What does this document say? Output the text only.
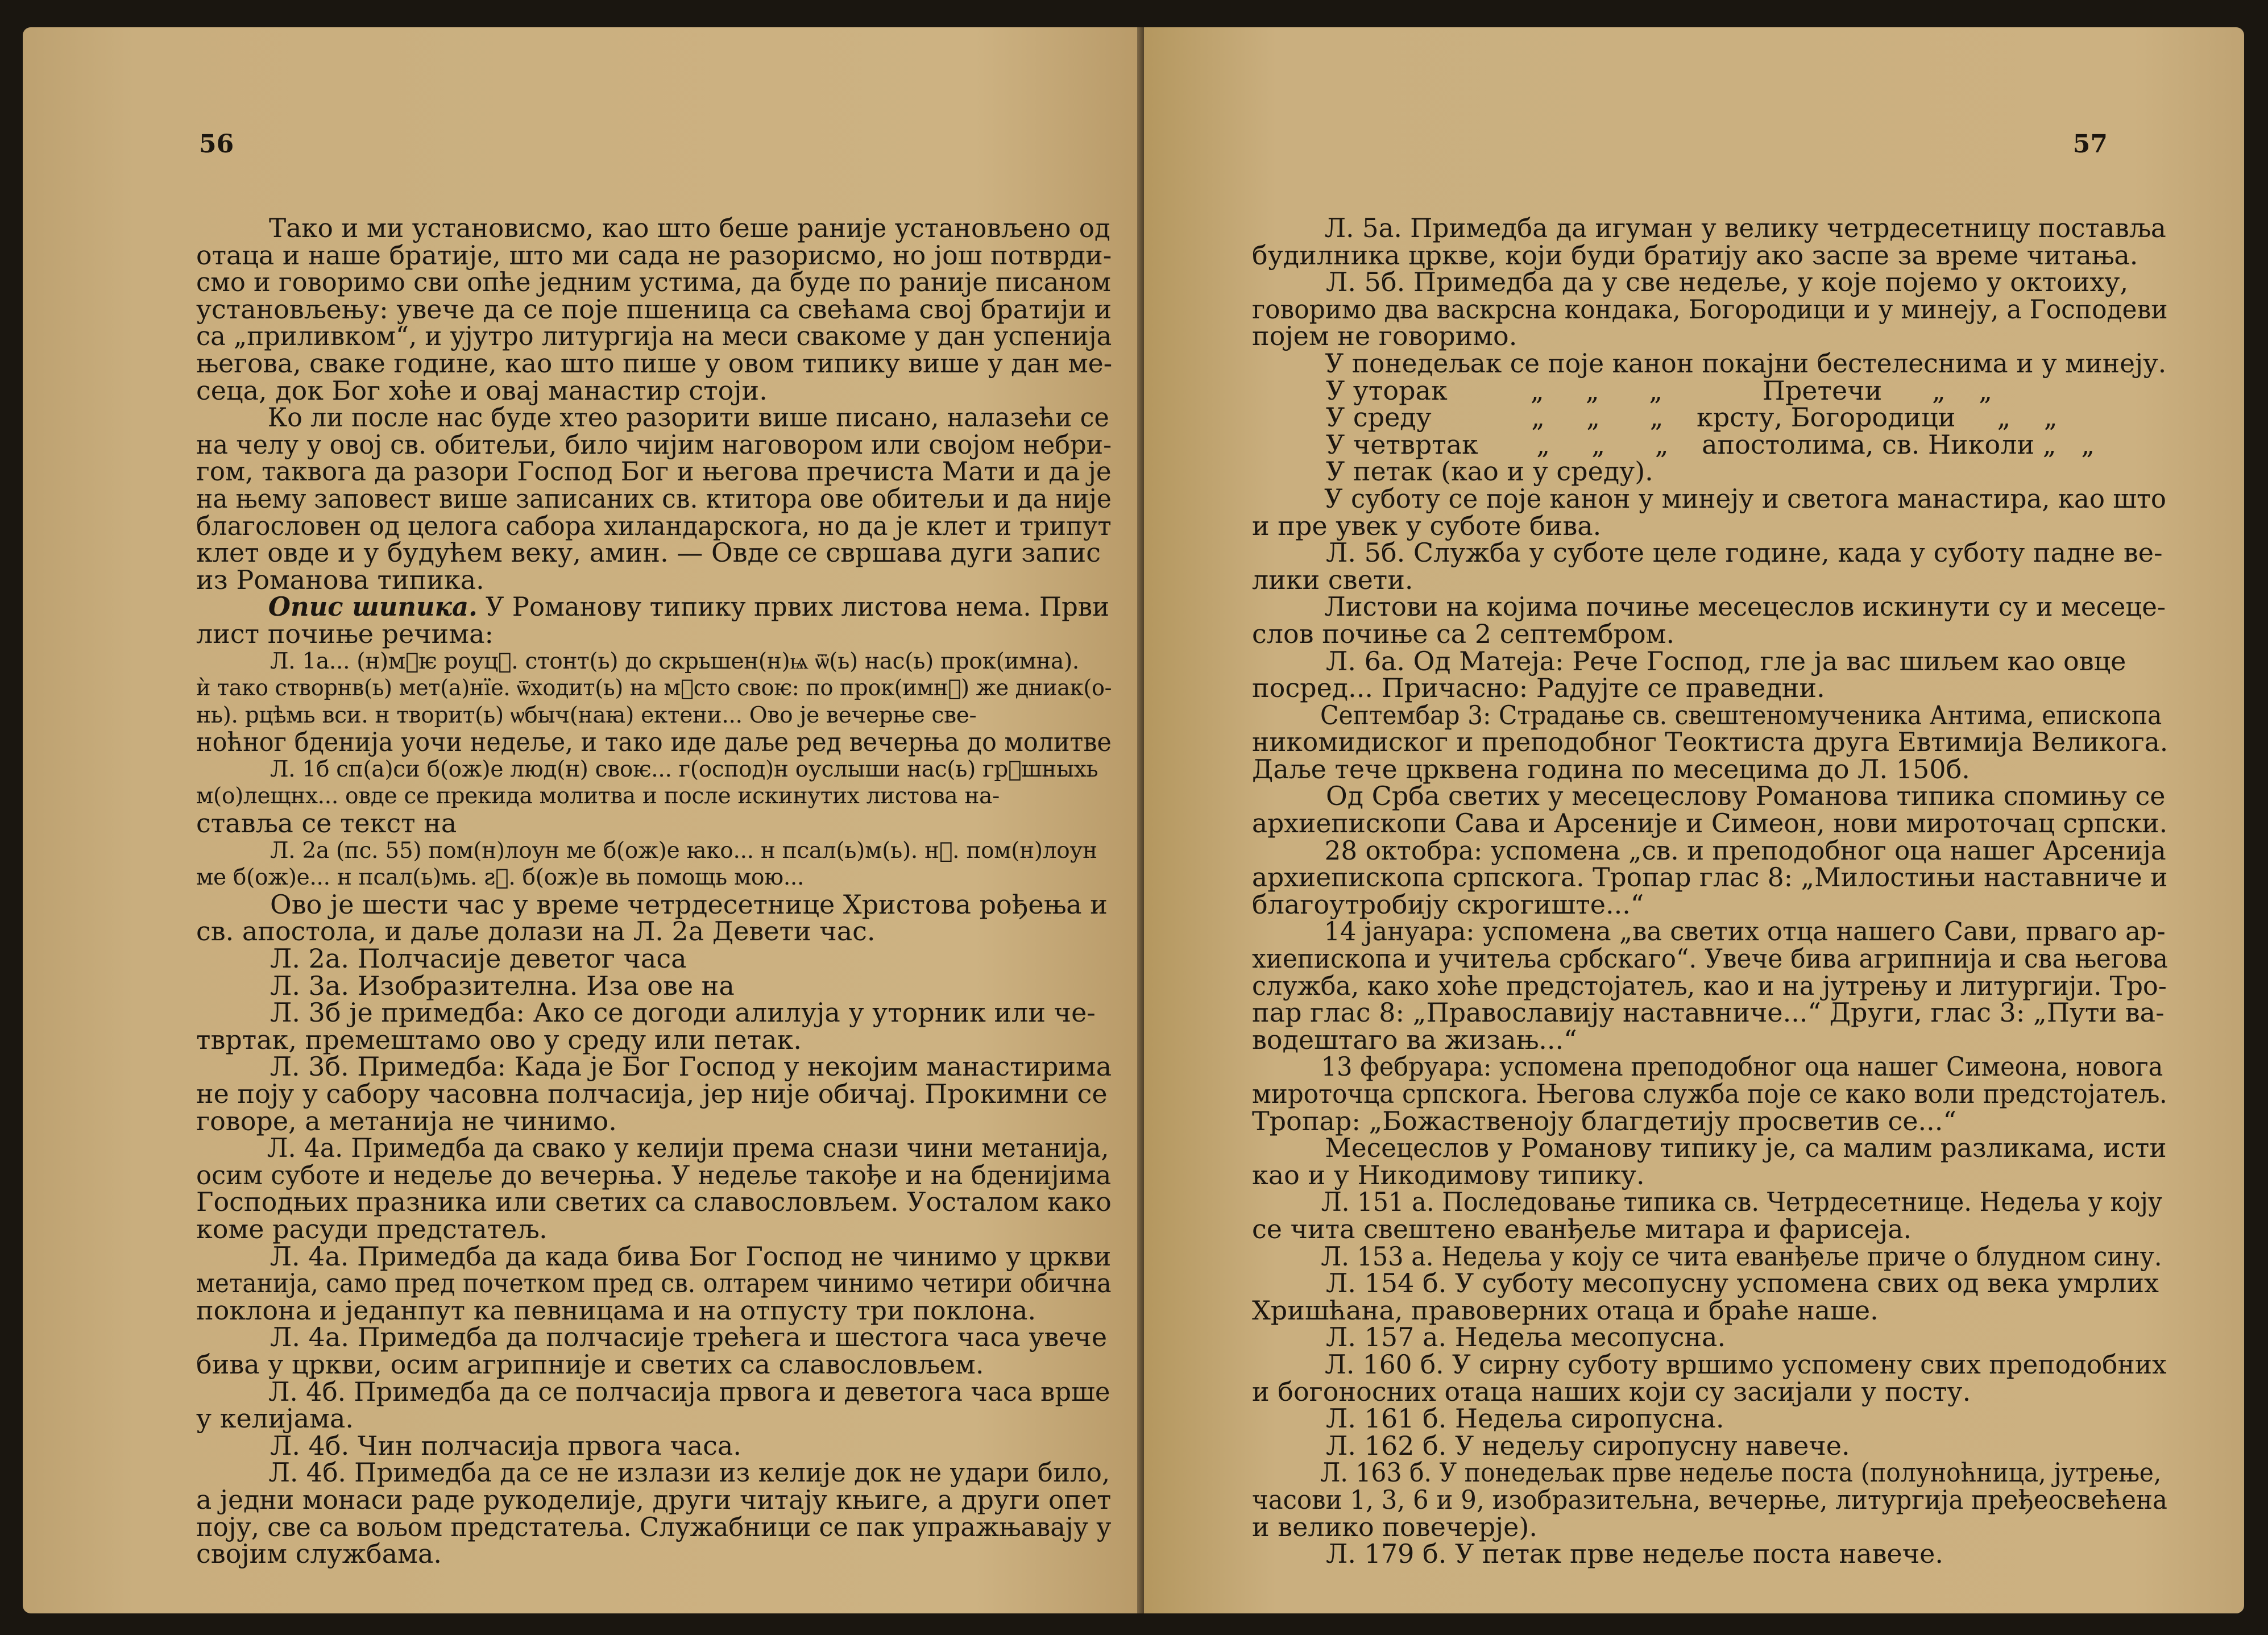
56
Тако и ми установисмо, као што беше раније установљено од
отаца и наше братије, што ми сада не разорисмо, но још потврди-
смо и говоримо сви опће једним устима, да буде по раније писаном
установљењу: увече да се поје пшеница са свећама свој братији и
са „приливком“, и ујутро литургија на меси свакоме у дан успенија
његова, сваке године, као што пише у овом типику више у дан ме-
сеца, док Бог хоће и овај манастир стоји.
Ко ли после нас буде хтео разорити више писано, налазећи се
на челу у овој св. обитељи, било чијим наговором или својом небри-
гом, таквога да разори Господ Бог и његова пречиста Мати и да је
на њему заповест више записаних св. ктитора ове обитељи и да није
благословен од целога сабора хиландарскога, но да је клет и трипут
клет овде и у будућем веку, амин. — Овде се свршава дуги запис
из Романова типика.
Опис шипика. У Романову типику првих листова нема. Први
лист почиње речима:
Л. 1а... (н)м꙽ѥ роуц꙽. стонт(ь) до скрьшен(н)ѩ ѿ(ь) нас(ь) прок(имна).
ѝ тако створнв(ь) мет(а)нїе. ѿходит(ь) на м꙽сто своѥ: по прок(имн꙽) же дниак(о-
нь). рцѣмь вси. н творит(ь) ѡбыч(наꙗ) ектени... Ово је вечерње све-
ноћног бденија уочи недеље, и тако иде даље ред вечерња до молитве
Л. 1б сп(а)си б(ож)е люд(н) своѥ... г(оспод)н оуслыши нас(ь) гр꙽шныхь
м(о)лещнх... овде се прекида молитва и после искинутих листова на-
ставља се текст на
Л. 2а (пс. 55) пом(н)лоун ме б(ож)е ꙗко... н псал(ь)м(ь). н꙽. пом(н)лоун
ме б(ож)е... н псал(ь)мь. ꙅ꙽. б(ож)е вь помощь мою...
Ово је шести час у време четрдесетнице Христова рођења и
св. апостола, и даље долази на Л. 2а Девети час.
Л. 2а. Полчасије деветог часа
Л. 3а. Изобразителна. Иза ове на
Л. 3б је примедба: Ако се догоди алилуја у уторник или че-
твртак, премештамо ово у среду или петак.
Л. 3б. Примедба: Када је Бог Господ у некојим манастирима
не поју у сабору часовна полчасија, јер није обичај. Прокимни се
говоре, а метанија не чинимо.
Л. 4а. Примедба да свако у келији према снази чини метанија,
осим суботе и недеље до вечерња. У недеље такође и на бденијима
Господњих празника или светих са славословљем. Уосталом како
коме расуди предстатељ.
Л. 4а. Примедба да када бива Бог Господ не чинимо у цркви
метанија, само пред почетком пред св. олтарем чинимо четири обична
поклона и једанпут ка певницама и на отпусту три поклона.
Л. 4а. Примедба да полчасије трећега и шестога часа увече
бива у цркви, осим агрипније и светих са славословљем.
Л. 4б. Примедба да се полчасија првога и деветога часа врше
у келијама.
Л. 4б. Чин полчасија првога часа.
Л. 4б. Примедба да се не излази из келије док не удари било,
а једни монаси раде рукоделије, други читају књиге, а други опет
поју, све са вољом предстатеља. Служабници се пак упражњавају у
својим службама.
57
Л. 5а. Примедба да игуман у велику четрдесетницу поставља
будилника цркве, који буди братију ако заспе за време читања.
Л. 5б. Примедба да у све недеље, у које појемо у октоиху,
говоримо два васкрсна кондака, Богородици и у минеју, а Господеви
појем не говоримо.
У понедељак се поје канон покајни бестелеснима и у минеју.
У уторак          „     „      „            Претечи      „    „
У среду            „     „      „    крсту, Богородици     „    „
У четвртак       „     „      „    апостолима, св. Николи „   „
У петак (као и у среду).
У суботу се поје канон у минеју и светога манастира, као што
и пре увек у суботе бива.
Л. 5б. Служба у суботе целе године, када у суботу падне ве-
лики свети.
Листови на којима почиње месецеслов искинути су и месеце-
слов почиње са 2 септембром.
Л. 6а. Од Матеја: Рече Господ, гле ја вас шиљем као овце
посред... Причасно: Радујте се праведни.
Септембар 3: Страдање св. свештеномученика Антима, епископа
никомидиског и преподобног Теоктиста друга Евтимија Великога.
Даље тече црквена година по месецима до Л. 150б.
Од Срба светих у месецеслову Романова типика спомињу се
архиепископи Сава и Арсеније и Симеон, нови мироточац српски.
28 октобра: успомена „св. и преподобног оца нашег Арсенија
архиепископа српскога. Тропар глас 8: „Милостињи наставниче и
благоутробију скрогиште...“
14 јануара: успомена „ва светих отца нашего Сави, прваго ар-
хиепископа и учитеља србскаго“. Увече бива агрипнија и сва његова
служба, како хоће предстојатељ, као и на јутрењу и литургији. Тро-
пар глас 8: „Православију наставниче...“ Други, глас 3: „Пути ва-
водештаго ва жизањ...“
13 фебруара: успомена преподобног оца нашег Симеона, новога
мироточца српскога. Његова служба поје се како воли предстојатељ.
Тропар: „Божаственоју благдетију просветив се...“
Месецеслов у Романову типику је, са малим разликама, исти
као и у Никодимову типику.
Л. 151 а. Последовање типика св. Четрдесетнице. Недеља у коју
се чита свештено еванђеље митара и фарисеја.
Л. 153 а. Недеља у коју се чита еванђеље приче о блудном сину.
Л. 154 б. У суботу месопусну успомена свих од века умрлих
Хришћана, правоверних отаца и браће наше.
Л. 157 а. Недеља месопусна.
Л. 160 б. У сирну суботу вршимо успомену свих преподобних
и богоносних отаца наших који су засијали у посту.
Л. 161 б. Недеља сиропусна.
Л. 162 б. У недељу сиропусну навече.
Л. 163 б. У понедељак прве недеље поста (полуноћница, јутрење,
часови 1, 3, 6 и 9, изобразитељна, вечерње, литургија пређеосвећена
и велико повечерје).
Л. 179 б. У петак прве недеље поста навече.
